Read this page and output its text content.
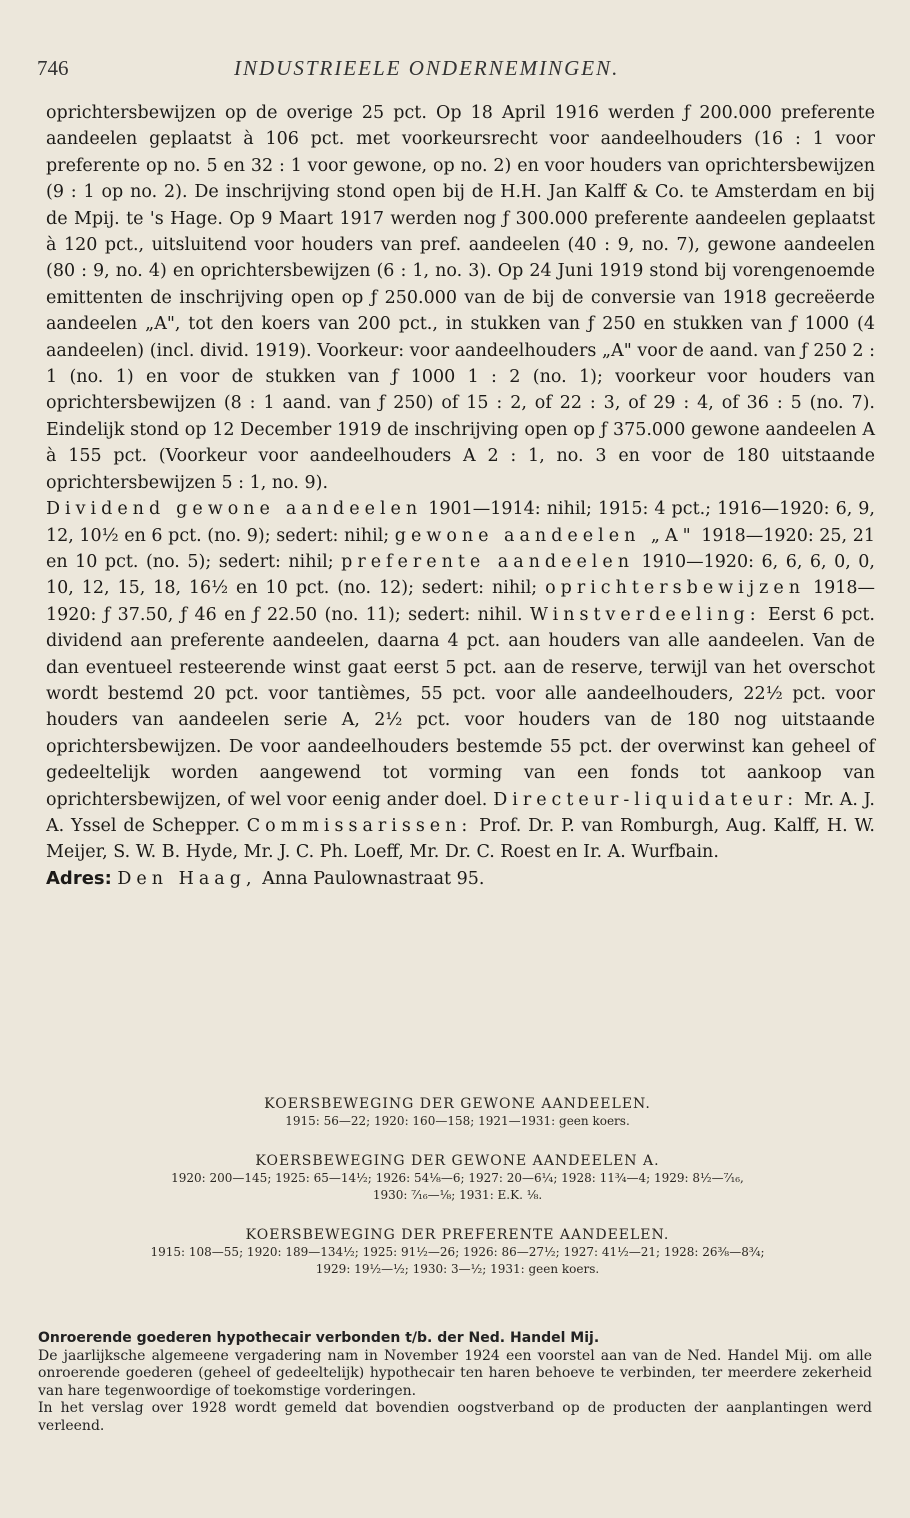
746	INDUSTRIEELE ONDERNEMINGEN.

oprichtersbewijzen op de overige 25 pct. Op 18 April 1916 werden ƒ 200.000 preferente aandeelen geplaatst à 106 pct. met voorkeursrecht voor aandeelhouders (16 : 1 voor preferente op no. 5 en 32 : 1 voor gewone, op no. 2) en voor houders van oprichtersbewijzen (9 : 1 op no. 2). De inschrijving stond open bij de H.H. Jan Kalff & Co. te Amsterdam en bij de Mpij. te 's Hage. Op 9 Maart 1917 werden nog ƒ 300.000 preferente aandeelen geplaatst à 120 pct., uitsluitend voor houders van pref. aandeelen (40 : 9, no. 7), gewone aandeelen (80 : 9, no. 4) en oprichtersbewijzen (6 : 1, no. 3). Op 24 Juni 1919 stond bij vorengenoemde emittenten de inschrijving open op ƒ 250.000 van de bij de conversie van 1918 gecreëerde aandeelen „A", tot den koers van 200 pct., in stukken van ƒ 250 en stukken van ƒ 1000 (4 aandeelen) (incl. divid. 1919). Voorkeur: voor aandeelhouders „A" voor de aand. van ƒ 250 2 : 1 (no. 1) en voor de stukken van ƒ 1000 1 : 2 (no. 1); voorkeur voor houders van oprichtersbewijzen (8 : 1 aand. van ƒ 250) of 15 : 2, of 22 : 3, of 29 : 4, of 36 : 5 (no. 7). Eindelijk stond op 12 December 1919 de inschrijving open op ƒ 375.000 gewone aandeelen A à 155 pct. (Voorkeur voor aandeelhouders A 2 : 1, no. 3 en voor de 180 uitstaande oprichtersbewijzen 5 : 1, no. 9).

Dividend gewone aandeelen 1901—1914: nihil; 1915: 4 pct.; 1916—1920: 6, 9, 12, 10½ en 6 pct. (no. 9); sedert: nihil; gewone aandeelen „A" 1918—1920: 25, 21 en 10 pct. (no. 5); sedert: nihil; preferente aandeelen 1910—1920: 6, 6, 6, 0, 0, 10, 12, 15, 18, 16½ en 10 pct. (no. 12); sedert: nihil; oprichtersbewijzen 1918—1920: ƒ 37.50, ƒ 46 en ƒ 22.50 (no. 11); sedert: nihil. Winstverdeeling: Eerst 6 pct. dividend aan preferente aandeelen, daarna 4 pct. aan houders van alle aandeelen. Van de dan eventueel resteerende winst gaat eerst 5 pct. aan de reserve, terwijl van het overschot wordt bestemd 20 pct. voor tantièmes, 55 pct. voor alle aandeelhouders, 22½ pct. voor houders van aandeelen serie A, 2½ pct. voor houders van de 180 nog uitstaande oprichtersbewijzen. De voor aandeelhouders bestemde 55 pct. der overwinst kan geheel of gedeeltelijk worden aangewend tot vorming van een fonds tot aankoop van oprichtersbewijzen, of wel voor eenig ander doel. Directeur-liquidateur: Mr. A. J. A. Yssel de Schepper. Commissarissen: Prof. Dr. P. van Romburgh, Aug. Kalff, H. W. Meijer, S. W. B. Hyde, Mr. J. C. Ph. Loeff, Mr. Dr. C. Roest en Ir. A. Wurfbain.

Adres: Den Haag, Anna Paulownastraat 95.

KOERSBEWEGING DER GEWONE AANDEELEN.

1915: 56—22; 1920: 160—158; 1921—1931: geen koers.

KOERSBEWEGING DER GEWONE AANDEELEN A.

1920: 200—145; 1925: 65—14½; 1926: 54⅛—6; 1927: 20—6¼; 1928: 11¾—4; 1929: 8½—⁷⁄₁₆,
1930: ⁷⁄₁₆—⅛; 1931: E.K. ⅛.

KOERSBEWEGING DER PREFERENTE AANDEELEN.

1915: 108—55; 1920: 189—134½; 1925: 91½—26; 1926: 86—27½; 1927: 41½—21; 1928: 26⅜—8¾;
1929: 19½—½; 1930: 3—½; 1931: geen koers.

Onroerende goederen hypothecair verbonden t/b. der Ned. Handel Mij.

De jaarlijksche algemeene vergadering nam in November 1924 een voorstel aan van de Ned. Handel Mij. om alle onroerende goederen (geheel of gedeeltelijk) hypothecair ten haren behoeve te verbinden, ter meerdere zekerheid van hare tegenwoordige of toekomstige vorderingen.

In het verslag over 1928 wordt gemeld dat bovendien oogstverband op de producten der aanplantingen werd verleend.
